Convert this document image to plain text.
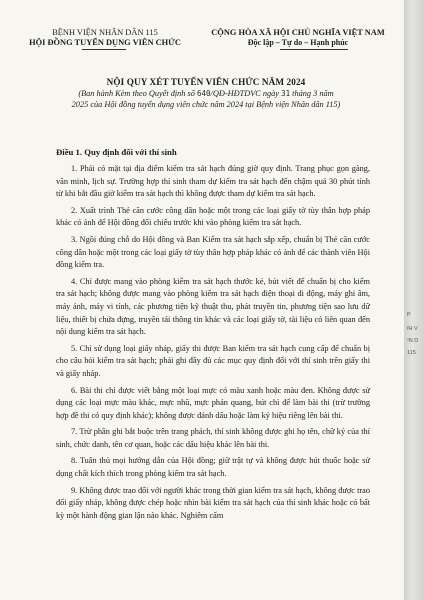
BỆNH VIỆN NHÂN DÂN 115
HỘI ĐỒNG TUYỂN DỤNG VIÊN CHỨC
CỘNG HÒA XÃ HỘI CHỦ NGHĨA VIỆT NAM
Độc lập – Tự do – Hạnh phúc
NỘI QUY XÉT TUYỂN VIÊN CHỨC NĂM 2024
(Ban hành Kèm theo Quyết định số 640/QĐ-HĐTDVC ngày 31 tháng 3 năm
2025 của Hội đồng tuyển dụng viên chức năm 2024 tại Bệnh viện Nhân dân 115)
Điều 1. Quy định đối với thí sinh

1. Phải có mặt tại địa điểm kiểm tra sát hạch đúng giờ quy định. Trang phục gọn gàng, văn minh, lịch sự. Trường hợp thí sinh tham dự kiểm tra sát hạch đến chậm quá 30 phút tính từ khi bắt đầu giờ kiểm tra sát hạch thì không được tham dự kiểm tra sát hạch.

2. Xuất trình Thẻ căn cước công dân hoặc một trong các loại giấy tờ tùy thân hợp pháp khác có ảnh để Hội đồng đối chiếu trước khi vào phòng kiểm tra sát hạch.

3. Ngồi đúng chỗ do Hội đồng và Ban Kiểm tra sát hạch sắp xếp, chuẩn bị Thẻ căn cước công dân hoặc một trong các loại giấy tờ tùy thân hợp pháp khác có ảnh để các thành viên Hội đồng kiểm tra.

4. Chỉ được mang vào phòng kiểm tra sát hạch thước kẻ, bút viết để chuẩn bị cho kiểm tra sát hạch; không được mang vào phòng kiểm tra sát hạch điện thoại di động, máy ghi âm, máy ảnh, máy vi tính, các phương tiện kỹ thuật thu, phát truyền tin, phương tiện sao lưu dữ liệu, thiết bị chứa đựng, truyền tải thông tin khác và các loại giấy tờ, tài liệu có liên quan đến nội dung kiểm tra sát hạch.

5. Chỉ sử dụng loại giấy nháp, giấy thi được Ban kiểm tra sát hạch cung cấp để chuẩn bị cho câu hỏi kiểm tra sát hạch; phải ghi đầy đủ các mục quy định đối với thí sinh trên giấy thi và giấy nháp.

6. Bài thi chỉ được viết bằng một loại mực có màu xanh hoặc màu đen. Không được sử dụng các loại mực màu khác, mực nhũ, mực phản quang, bút chì để làm bài thi (trừ trường hợp đề thi có quy định khác); không được đánh dấu hoặc làm ký hiệu riêng lên bài thi.

7. Trừ phần ghi bắt buộc trên trang phách, thí sinh không được ghi họ tên, chữ ký của thí sinh, chức danh, tên cơ quan, hoặc các dấu hiệu khác lên bài thi.

8. Tuân thủ mọi hướng dẫn của Hội đồng; giữ trật tự và không được hút thuốc hoặc sử dụng chất kích thích trong phòng kiểm tra sát hạch.

9. Không được trao đổi với người khác trong thời gian kiểm tra sát hạch, không được trao đổi giấy nháp, không được chép hoặc nhìn bài kiểm tra sát hạch của thí sinh khác hoặc có bất kỳ một hành động gian lận nào khác. Nghiêm cấm

P
ĩH V
ᵛN D
115
